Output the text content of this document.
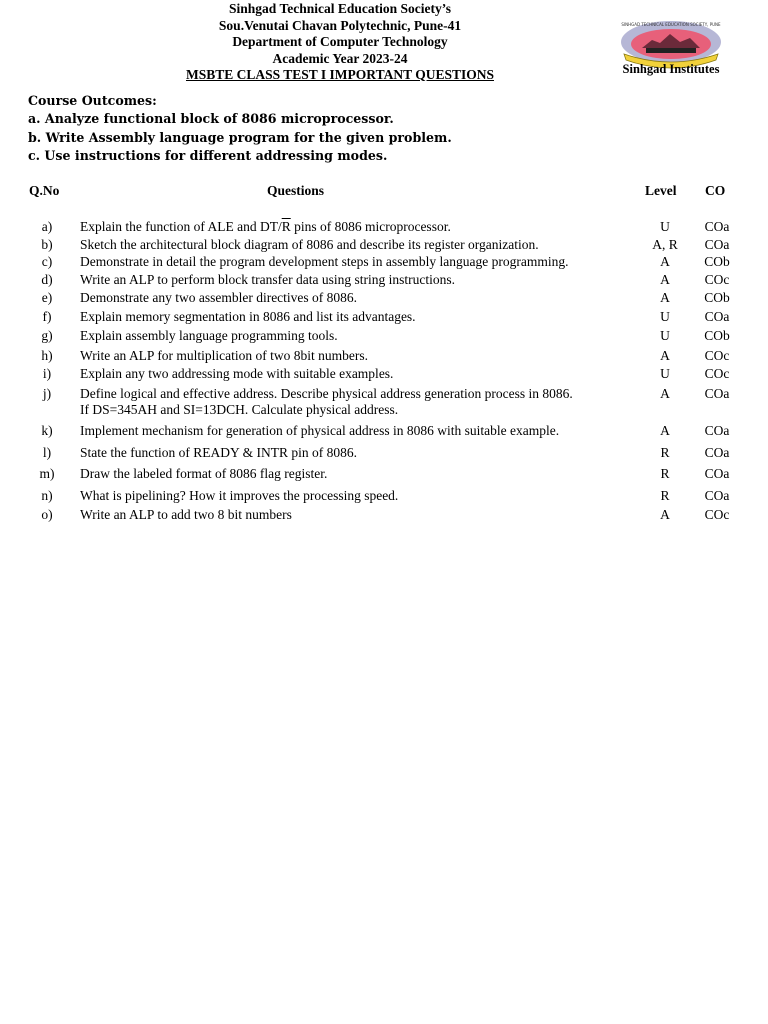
Sinhgad Technical Education Society’s
Sou.Venutai Chavan Polytechnic, Pune-41
Department of Computer Technology
Academic Year 2023-24
MSBTE CLASS TEST I IMPORTANT QUESTIONS
SINHGAD TECHNICAL EDUCATION SOCIETY, PUNE
Sinhgad Institutes
Course Outcomes:
a. Analyze functional block of 8086 microprocessor.
b. Write Assembly language program for the given problem.
c. Use instructions for different addressing modes.
Q.No	Questions	Level CO
a)	Explain the function of ALE and $DT/\overline{R}$ pins of 8086 microprocessor.	U	COa
b)	Sketch the architectural block diagram of 8086 and describe its register organization.	A, R	COa
c)	Demonstrate in detail the program development steps in assembly language programming.	A	COb
d)	Write an ALP to perform block transfer data using string instructions.	A	COc
e)	Demonstrate any two assembler directives of 8086.	A	COb
f)	Explain memory segmentation in 8086 and list its advantages.	U	COa
g)	Explain assembly language programming tools.	U	COb
h)	Write an ALP for multiplication of two 8bit numbers.	A	COc
i)	Explain any two addressing mode with suitable examples.	U	COc
j)	Define logical and effective address. Describe physical address generation process in 8086.
If DS=345AH and SI=13DCH. Calculate physical address.
A	COa
k)	Implement mechanism for generation of physical address in 8086 with suitable example.	A	COa
l)	State the function of READY & INTR pin of 8086.	R	COa
m)	Draw the labeled format of 8086 flag register.	R	COa
n)	What is pipelining? How it improves the processing speed.	R	COa
o)	Write an ALP to add two 8 bit numbers	A	COc
